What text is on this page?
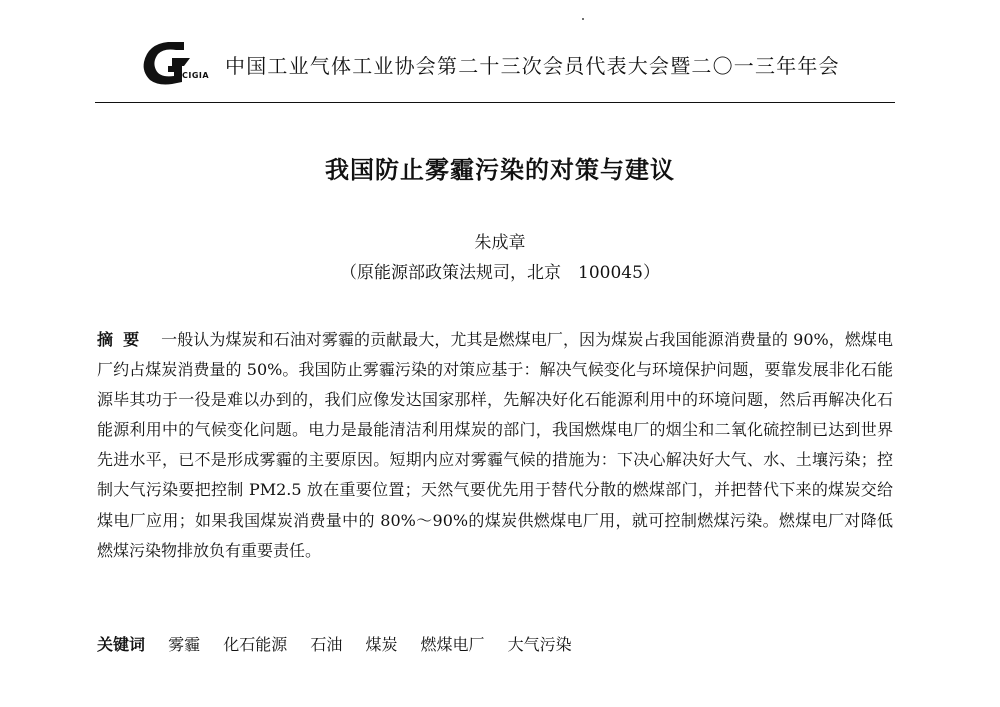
CIGIA 中国工业气体工业协会第二十三次会员代表大会暨二〇一三年年会
我国防止雾霾污染的对策与建议
朱成章
（原能源部政策法规司，北京　100045）
摘要 一般认为煤炭和石油对雾霾的贡献最大，尤其是燃煤电厂，因为煤炭占我国能源消费量的 90%，燃煤电厂约占煤炭消费量的 50%。我国防止雾霾污染的对策应基于：解决气候变化与环境保护问题，要靠发展非化石能源毕其功于一役是难以办到的，我们应像发达国家那样，先解决好化石能源利用中的环境问题，然后再解决化石能源利用中的气候变化问题。电力是最能清洁利用煤炭的部门，我国燃煤电厂的烟尘和二氧化硫控制已达到世界先进水平，已不是形成雾霾的主要原因。短期内应对雾霾气候的措施为：下决心解决好大气、水、土壤污染；控制大气污染要把控制 PM2.5 放在重要位置；天然气要优先用于替代分散的燃煤部门，并把替代下来的煤炭交给煤电厂应用；如果我国煤炭消费量中的 80%～90%的煤炭供燃煤电厂用，就可控制燃煤污染。燃煤电厂对降低燃煤污染物排放负有重要责任。
关键词 雾霾 化石能源 石油 煤炭 燃煤电厂 大气污染
